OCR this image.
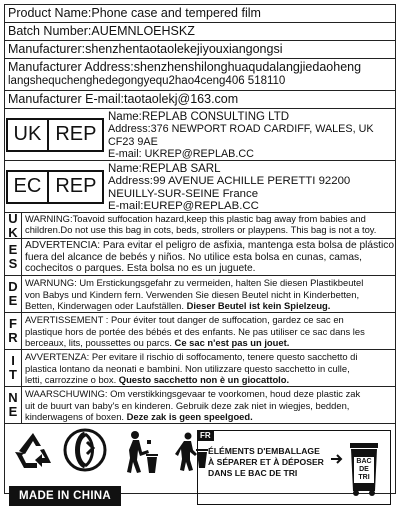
Product Name:Phone case and tempered film
Batch Number:AUEMNLOEHSKZ
Manufacturer:shenzhentaotaolekejiyouxiangongsi
Manufacturer Address:shenzhenshilonghuaqudalangjiedaoheng
langshequchenghedegongyequ2hao4ceng406 518110
Manufacturer E-mail:taotaolekj@163.com
UK REP
Name:REPLAB CONSULTING LTD
Address:376 NEWPORT ROAD CARDIFF, WALES, UK
CF23 9AE
E-mail: UKREP@REPLAB.CC
EC REP
Name:REPLAB SARL
Address:99 AVENUE ACHILLE PERETTI 92200
NEUILLY-SUR-SEINE France
E-mail:EUREP@REPLAB.CC
U
K
WARNING:Toavoid suffocation hazard,keep this plastic bag away from babies and
children.Do not use this bag in cots, beds, strollers or playpens. This bag is not a toy.
E
S
ADVERTENCIA: Para evitar el peligro de asfixia, mantenga esta bolsa de plástico
fuera del alcance de bebés y niños. No utilice esta bolsa en cunas, camas,
cochecitos o parques. Esta bolsa no es un juguete.
D
E
WARNUNG: Um Erstickungsgefahr zu vermeiden, halten Sie diesen Plastikbeutel
von Babys und Kindern fern. Verwenden Sie diesen Beutel nicht in Kinderbetten,
Betten, Kinderwagen oder Laufställen. Dieser Beutel ist kein Spielzeug.
F
R
AVERTISSEMENT : Pour éviter tout danger de suffocation, gardez ce sac en
plastique hors de portée des bébés et des enfants. Ne pas utiliser ce sac dans les
berceaux, lits, poussettes ou parcs. Ce sac n'est pas un jouet.
I
T
AVVERTENZA: Per evitare il rischio di soffocamento, tenere questo sacchetto di
plastica lontano da neonati e bambini. Non utilizzare questo sacchetto in culle,
letti, carrozzine o box. Questo sacchetto non è un giocattolo.
N
E
WAARSCHUWING: Om verstikkingsgevaar te voorkomen, houd deze plastic zak
uit de buurt van baby's en kinderen. Gebruik deze zak niet in wiegjes, bedden,
kinderwagens of boxen. Deze zak is geen speelgoed.
MADE IN CHINA
FR
ÉLÉMENTS D'EMBALLAGE
À SÉPARER ET À DÉPOSER
DANS LE BAC DE TRI
BAC
DE
TRI
